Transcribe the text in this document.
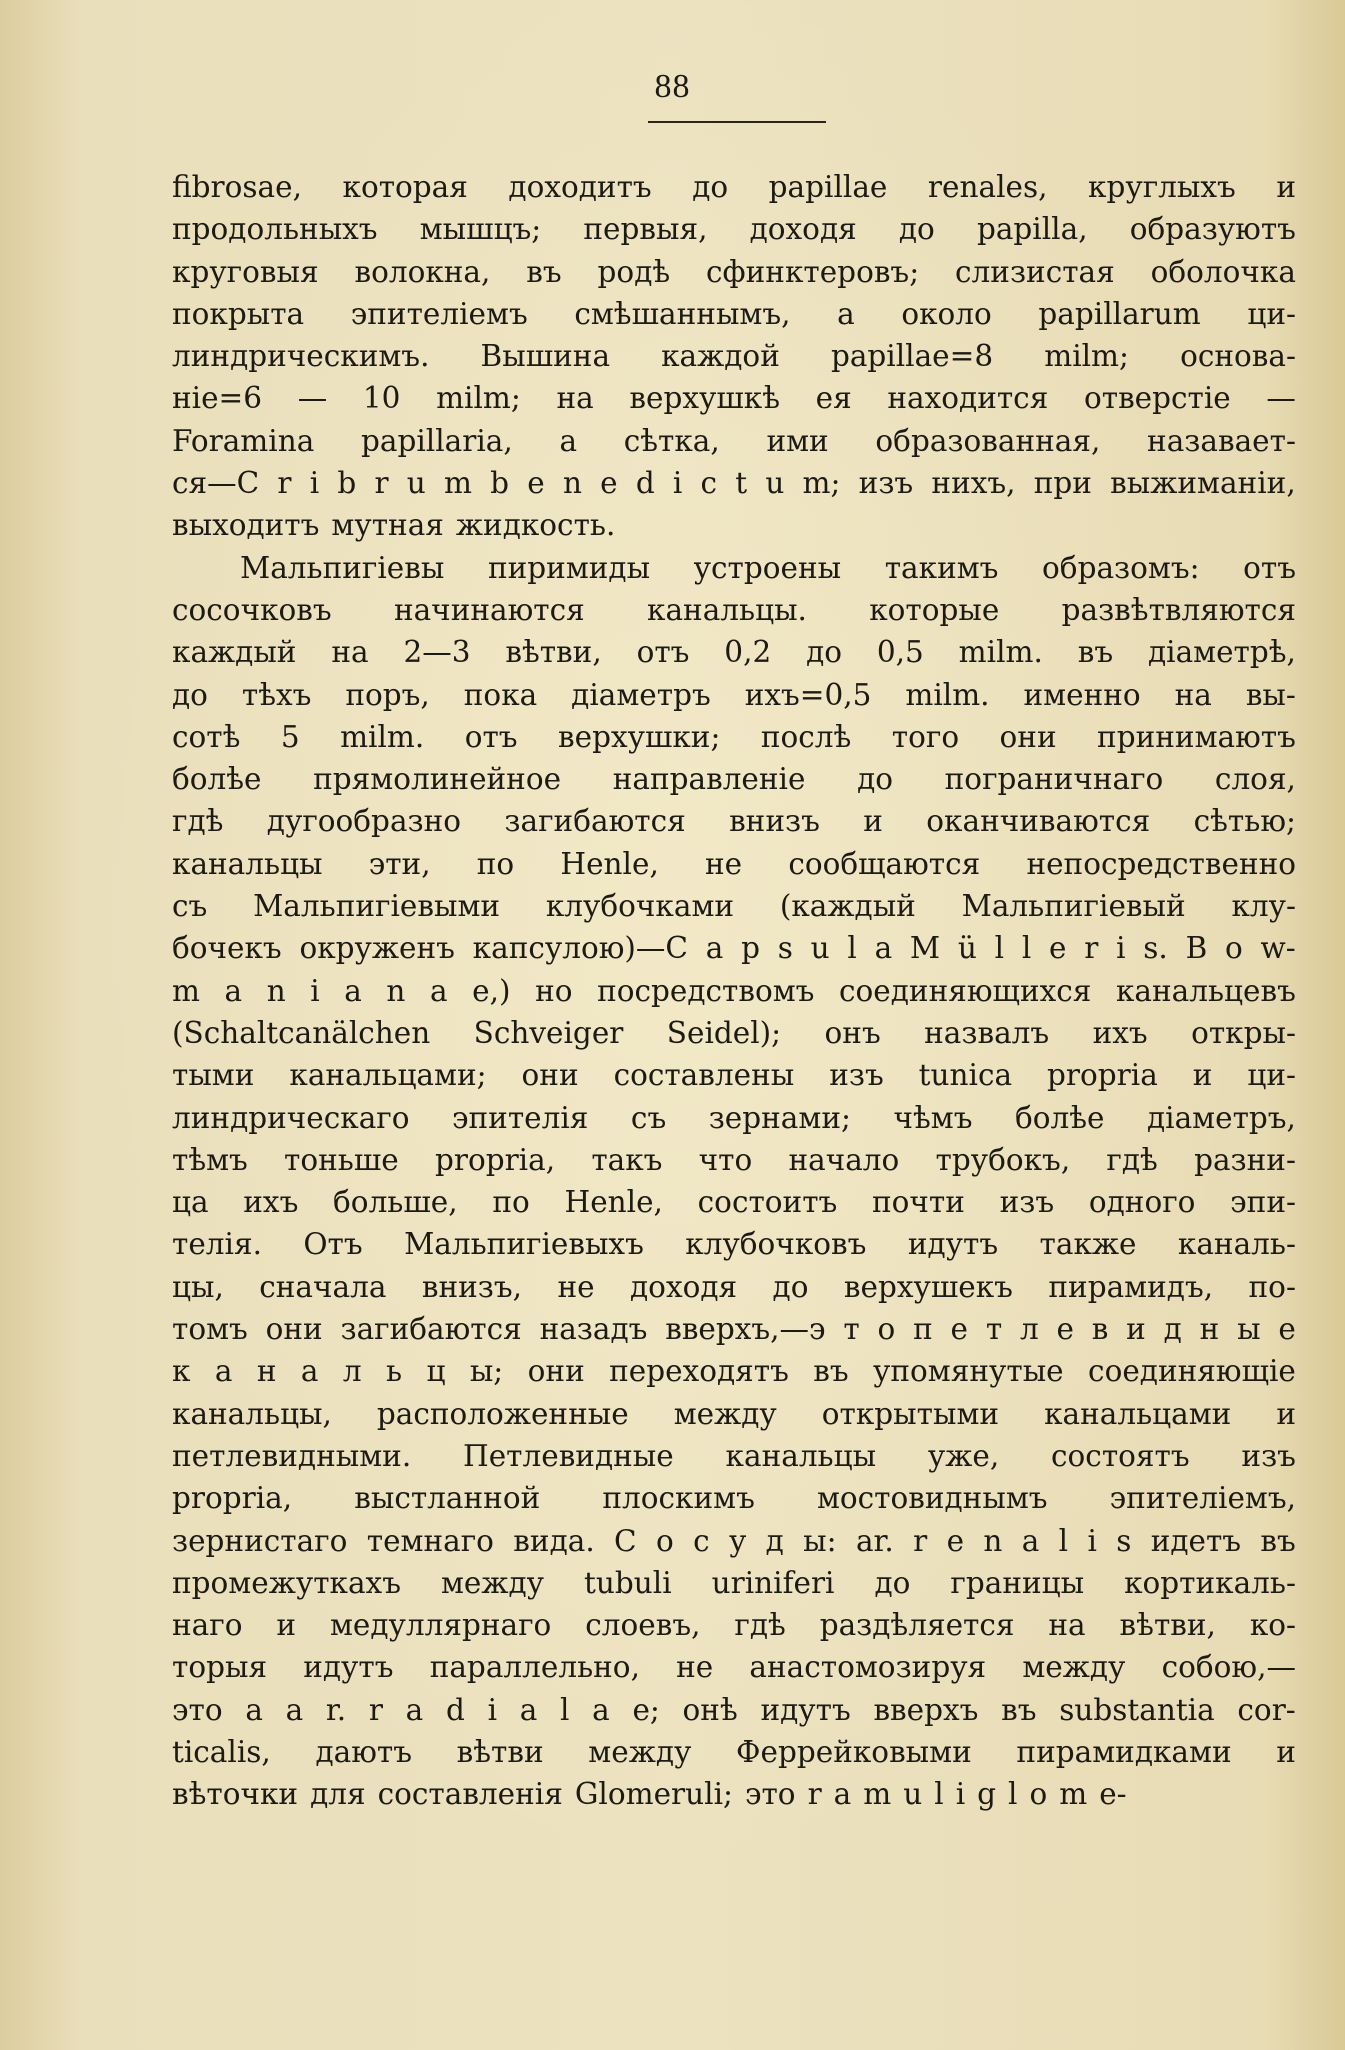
88
fibrosae, которая доходитъ до papillae renales, круглыхъ и
продольныхъ мышцъ; первыя, доходя до papilla, образуютъ
круговыя волокна, въ родѣ сфинктеровъ; слизистая оболочка
покрыта эпителіемъ смѣшаннымъ, а около papillarum ци-
линдрическимъ. Вышина каждой papillae=8 milm; основа-
ніе=6 — 10 milm; на верхушкѣ ея находится отверстіе —
Foramina papillaria, а сѣтка, ими образованная, назавает-
ся—C r i b r u m b e n e d i c t u m; изъ нихъ, при выжиманіи,
выходитъ мутная жидкость.
Мальпигіевы пиримиды устроены такимъ образомъ: отъ
сосочковъ начинаются канальцы. которые развѣтвляются
каждый на 2—3 вѣтви, отъ 0,2 до 0,5 milm. въ діаметрѣ,
до тѣхъ поръ, пока діаметръ ихъ=0,5 milm. именно на вы-
сотѣ 5 milm. отъ верхушки; послѣ того они принимаютъ
болѣе прямолинейное направленіе до пограничнаго слоя,
гдѣ дугообразно загибаются внизъ и оканчиваются сѣтью;
канальцы эти, по Henle, не сообщаются непосредственно
съ Мальпигіевыми клубочками (каждый Мальпигіевый клу-
бочекъ окруженъ капсулою)—C a p s u l a M ü l l e r i s. B o w-
m a n i a n a e,) но посредствомъ соединяющихся канальцевъ
(Schaltcanälchen Schveiger Seidel); онъ назвалъ ихъ откры-
тыми канальцами; они составлены изъ tunica propria и ци-
линдрическаго эпителія съ зернами; чѣмъ болѣе діаметръ,
тѣмъ тоньше propria, такъ что начало трубокъ, гдѣ разни-
ца ихъ больше, по Henle, состоитъ почти изъ одного эпи-
телія. Отъ Мальпигіевыхъ клубочковъ идутъ также каналь-
цы, сначала внизъ, не доходя до верхушекъ пирамидъ, по-
томъ они загибаются назадъ вверхъ,—э т о п е т л е в и д н ы е
к а н а л ь ц ы; они переходятъ въ упомянутые соединяющіе
канальцы, расположенные между открытыми канальцами и
петлевидными. Петлевидные канальцы уже, состоятъ изъ
propria, выстланной плоскимъ мостовиднымъ эпителіемъ,
зернистаго темнаго вида. С о с у д ы: ar. r e n a l i s идетъ въ
промежуткахъ между tubuli uriniferi до границы кортикаль-
наго и медуллярнаго слоевъ, гдѣ раздѣляется на вѣтви, ко-
торыя идутъ параллельно, не анастомозируя между собою,—
это a a r. r a d i a l a e; онѣ идутъ вверхъ въ substantia cor-
ticalis, даютъ вѣтви между Феррейковыми пирамидками и
вѣточки для составленія Glomeruli; это r a m u l i g l o m e-
